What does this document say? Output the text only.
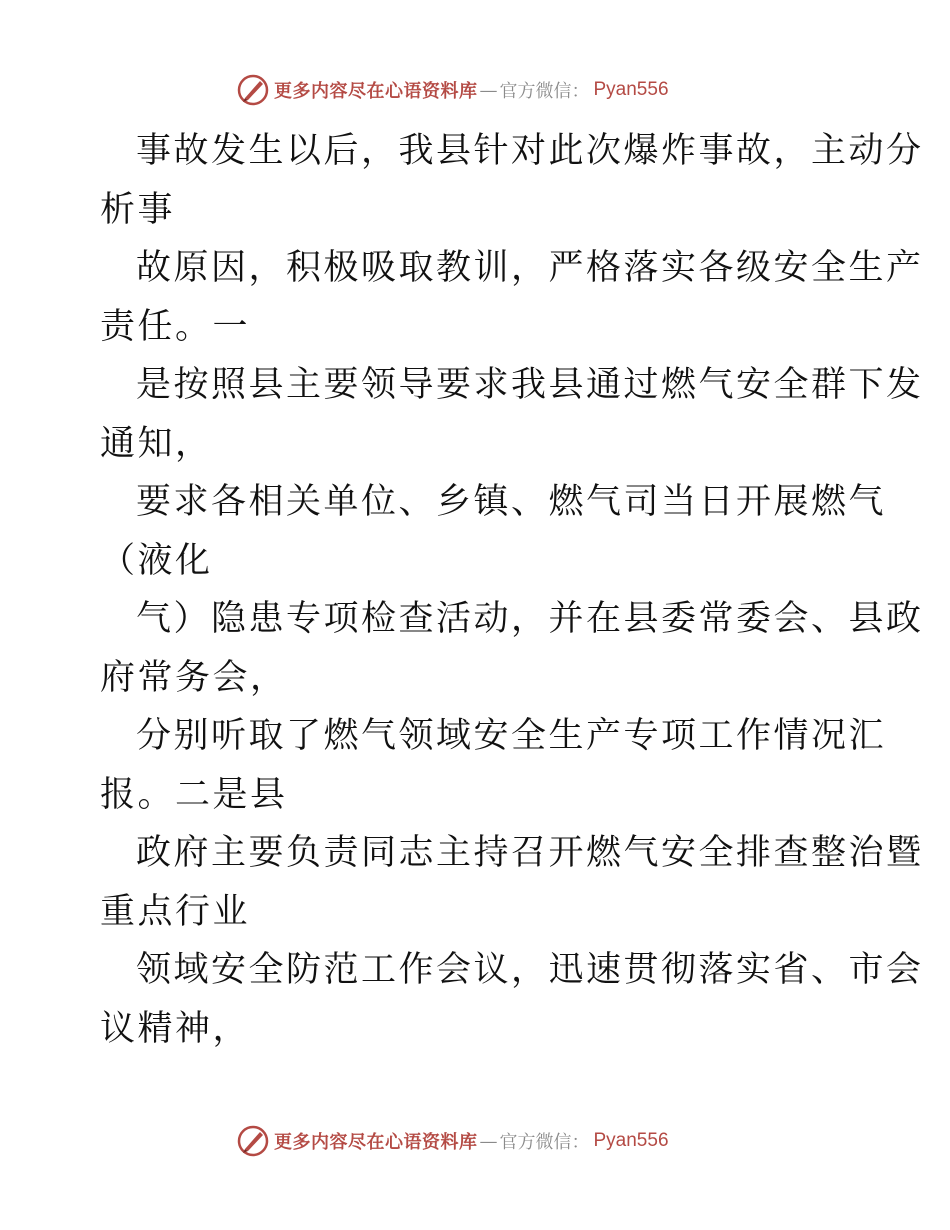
更多内容尽在心语资料库 — 官方微信： Pyan556
事故发生以后，我县针对此次爆炸事故，主动分
析事
故原因，积极吸取教训，严格落实各级安全生产
责任。一
是按照县主要领导要求我县通过燃气安全群下发
通知，
要求各相关单位、乡镇、燃气司当日开展燃气
（液化
气）隐患专项检查活动，并在县委常委会、县政
府常务会，
分别听取了燃气领域安全生产专项工作情况汇
报。二是县
政府主要负责同志主持召开燃气安全排查整治暨
重点行业
领域安全防范工作会议，迅速贯彻落实省、市会
议精神，
更多内容尽在心语资料库 — 官方微信： Pyan556
